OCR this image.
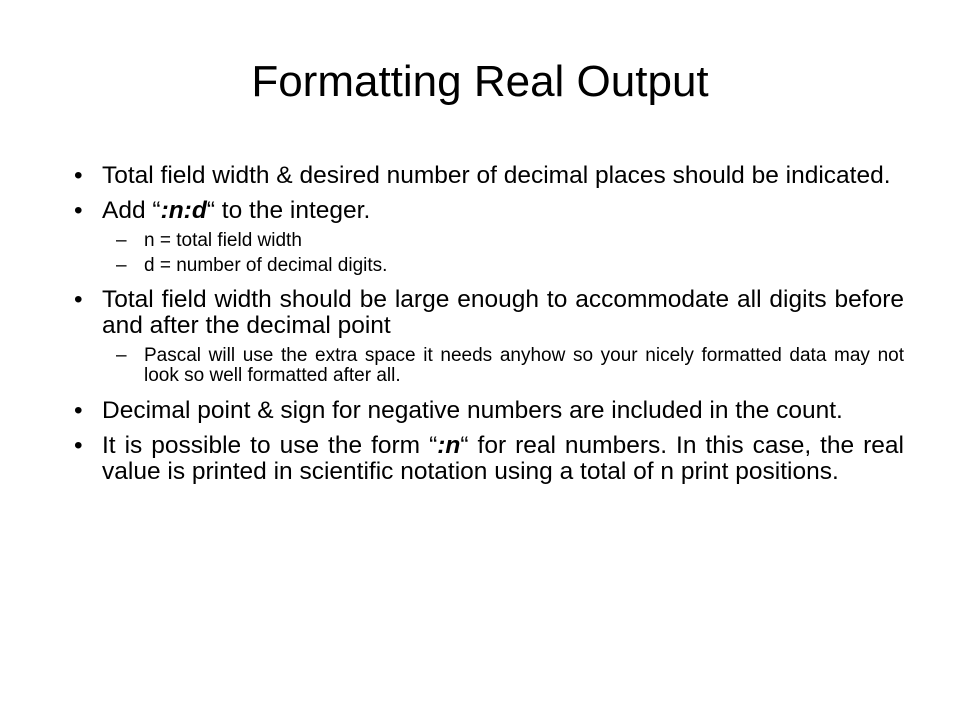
Formatting Real Output
• Total field width & desired number of decimal places should be indicated.
• Add “:n:d“ to the integer.
– n = total field width
– d = number of decimal digits.
• Total field width should be large enough to accommodate all digits before and after the decimal point
– Pascal will use the extra space it needs anyhow so your nicely formatted data may not look so well formatted after all.
• Decimal point & sign for negative numbers are included in the count.
• It is possible to use the form “:n“ for real numbers. In this case, the real value is printed in scientific notation using a total of n print positions.
